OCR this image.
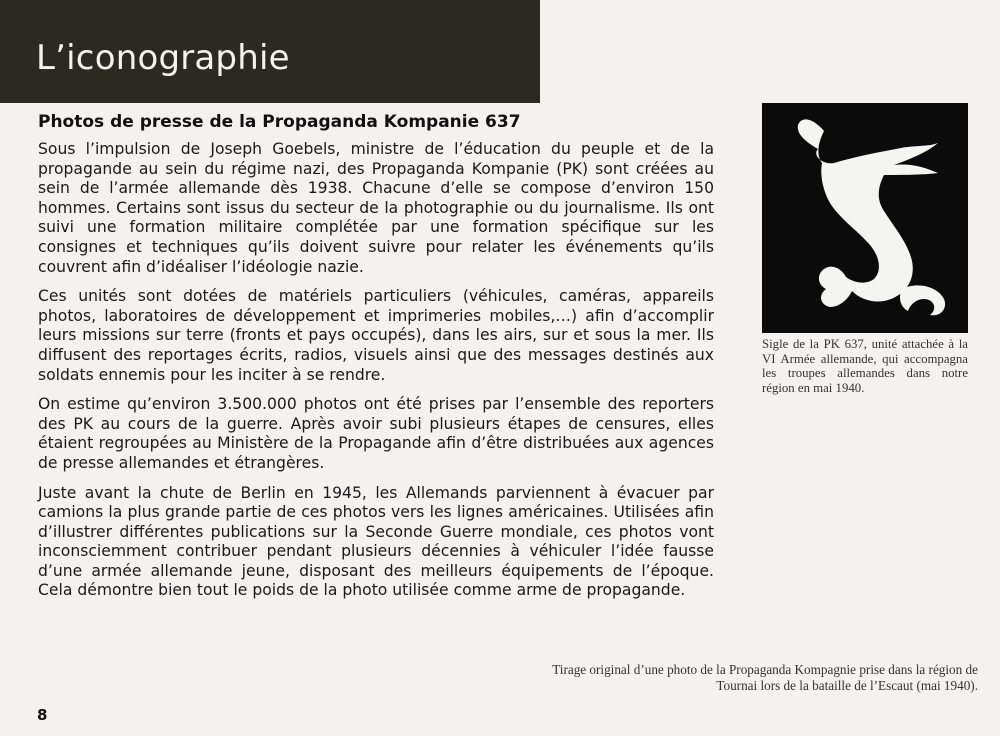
L’iconographie
Photos de presse de la Propaganda Kompanie 637

Sous l’impulsion de Joseph Goebels, ministre de l’éducation du peuple et de la propagande au sein du régime nazi, des Propaganda Kompanie (PK) sont créées au sein de l’armée allemande dès 1938. Chacune d’elle se compose d’environ 150 hommes. Certains sont issus du secteur de la photographie ou du journalisme. Ils ont suivi une formation militaire complétée par une formation spécifique sur les consignes et techniques qu’ils doivent suivre pour relater les événements qu’ils couvrent afin d’idéaliser l’idéologie nazie.

Ces unités sont dotées de matériels particuliers (véhicules, caméras, appareils photos, laboratoires de développement et imprimeries mobiles,…) afin d’accomplir leurs missions sur terre (fronts et pays occupés), dans les airs, sur et sous la mer. Ils diffusent des reportages écrits, radios, visuels ainsi que des messages destinés aux soldats ennemis pour les inciter à se rendre.

On estime qu’environ 3.500.000 photos ont été prises par l’ensemble des reporters des PK au cours de la guerre. Après avoir subi plusieurs étapes de censures, elles étaient regroupées au Ministère de la Propagande afin d’être distribuées aux agences de presse allemandes et étrangères.

Juste avant la chute de Berlin en 1945, les Allemands parviennent à évacuer par camions la plus grande partie de ces photos vers les lignes américaines. Utilisées afin d’illustrer différentes publications sur la Seconde Guerre mondiale, ces photos vont inconsciemment contribuer pendant plusieurs décennies à véhiculer l’idée fausse d’une armée allemande jeune, disposant des meilleurs équipements de l’époque. Cela démontre bien tout le poids de la photo utilisée comme arme de propagande.

Sigle de la PK 637, unité attachée à la VI Armée allemande, qui accompagna les troupes allemandes dans notre région en mai 1940.
Tirage original d’une photo de la Propaganda Kompagnie prise dans la région de Tournai lors de la bataille de l’Escaut (mai 1940).
8
